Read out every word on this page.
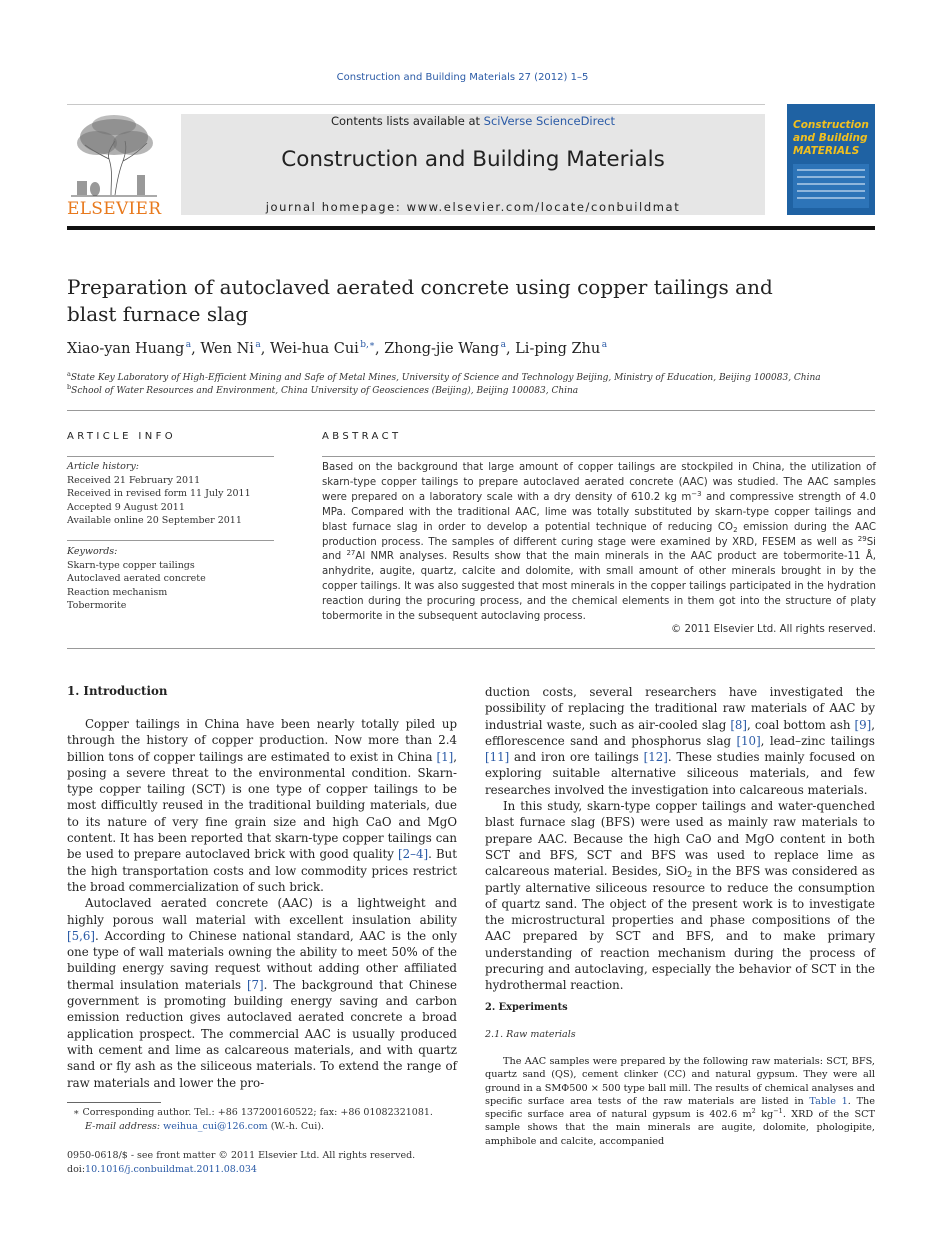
Construction and Building Materials 27 (2012) 1–5
ELSEVIER
Contents lists available at SciVerse ScienceDirect
Construction and Building Materials
journal homepage: www.elsevier.com/locate/conbuildmat
Construction
and Building
MATERIALS
Preparation of autoclaved aerated concrete using copper tailings and blast furnace slag
Xiao-yan Huang $^a$, Wen Ni $^a$, Wei-hua Cui $^{b,∗}$, Zhong-jie Wang $^a$, Li-ping Zhu $^a$
$^a$State Key Laboratory of High-Efficient Mining and Safe of Metal Mines, University of Science and Technology Beijing, Ministry of Education, Beijing 100083, China
$^b$School of Water Resources and Environment, China University of Geosciences (Beijing), Beijing 100083, China
ARTICLE INFO
Article history:
Received 21 February 2011
Received in revised form 11 July 2011
Accepted 9 August 2011
Available online 20 September 2011
Keywords:
Skarn-type copper tailings
Autoclaved aerated concrete
Reaction mechanism
Tobermorite
ABSTRACT
Based on the background that large amount of copper tailings are stockpiled in China, the utilization of skarn-type copper tailings to prepare autoclaved aerated concrete (AAC) was studied. The AAC samples were prepared on a laboratory scale with a dry density of 610.2 kg $m^{-3}$ and compressive strength of 4.0 MPa. Compared with the traditional AAC, lime was totally substituted by skarn-type copper tailings and blast furnace slag in order to develop a potential technique of reducing $CO_2$ emission during the AAC production process. The samples of different curing stage were examined by XRD, FESEM as well as $^{29}$Si and $^{27}$Al NMR analyses. Results show that the main minerals in the AAC product are tobermorite-11 Å, anhydrite, augite, quartz, calcite and dolomite, with small amount of other minerals brought in by the copper tailings. It was also suggested that most minerals in the copper tailings participated in the hydration reaction during the procuring process, and the chemical elements in them got into the structure of platy tobermorite in the subsequent autoclaving process.
© 2011 Elsevier Ltd. All rights reserved.
1. Introduction

Copper tailings in China have been nearly totally piled up through the history of copper production. Now more than 2.4 billion tons of copper tailings are estimated to exist in China [1], posing a severe threat to the environmental condition. Skarn-type copper tailing (SCT) is one type of copper tailings to be most difficultly reused in the traditional building materials, due to its nature of very fine grain size and high CaO and MgO content. It has been reported that skarn-type copper tailings can be used to prepare autoclaved brick with good quality [2–4]. But the high transportation costs and low commodity prices restrict the broad commercialization of such brick.

Autoclaved aerated concrete (AAC) is a lightweight and highly porous wall material with excellent insulation ability [5,6]. According to Chinese national standard, AAC is the only one type of wall materials owning the ability to meet 50% of the building energy saving request without adding other affiliated thermal insulation materials [7]. The background that Chinese government is promoting building energy saving and carbon emission reduction gives autoclaved aerated concrete a broad application prospect. The commercial AAC is usually produced with cement and lime as calcareous materials, and with quartz sand or fly ash as the siliceous materials. To extend the range of raw materials and lower the pro-

duction costs, several researchers have investigated the possibility of replacing the traditional raw materials of AAC by industrial waste, such as air-cooled slag [8], coal bottom ash [9], efflorescence sand and phosphorus slag [10], lead–zinc tailings [11] and iron ore tailings [12]. These studies mainly focused on exploring suitable alternative siliceous materials, and few researches involved the investigation into calcareous materials.

In this study, skarn-type copper tailings and water-quenched blast furnace slag (BFS) were used as mainly raw materials to prepare AAC. Because the high CaO and MgO content in both SCT and BFS, SCT and BFS was used to replace lime as calcareous material. Besides, SiO2 in the BFS was considered as partly alternative siliceous resource to reduce the consumption of quartz sand. The object of the present work is to investigate the microstructural properties and phase compositions of the AAC prepared by SCT and BFS, and to make primary understanding of reaction mechanism during the process of precuring and autoclaving, especially the behavior of SCT in the hydrothermal reaction.

2. Experiments
2.1. Raw materials

The AAC samples were prepared by the following raw materials: SCT, BFS, quartz sand (QS), cement clinker (CC) and natural gypsum. They were all ground in a SMΦ500 × 500 type ball mill. The results of chemical analyses and specific surface area tests of the raw materials are listed in Table 1. The specific surface area of natural gypsum is 402.6 $m^2$ $kg^{-1}$. XRD of the SCT sample shows that the main minerals are augite, dolomite, phologipite, amphibole and calcite, accompanied

∗ Corresponding author. Tel.: +86 137200160522; fax: +86 01082321081.
E-mail address: weihua_cui@126.com (W.-h. Cui).
0950-0618/$ - see front matter © 2011 Elsevier Ltd. All rights reserved.
doi:10.1016/j.conbuildmat.2011.08.034
